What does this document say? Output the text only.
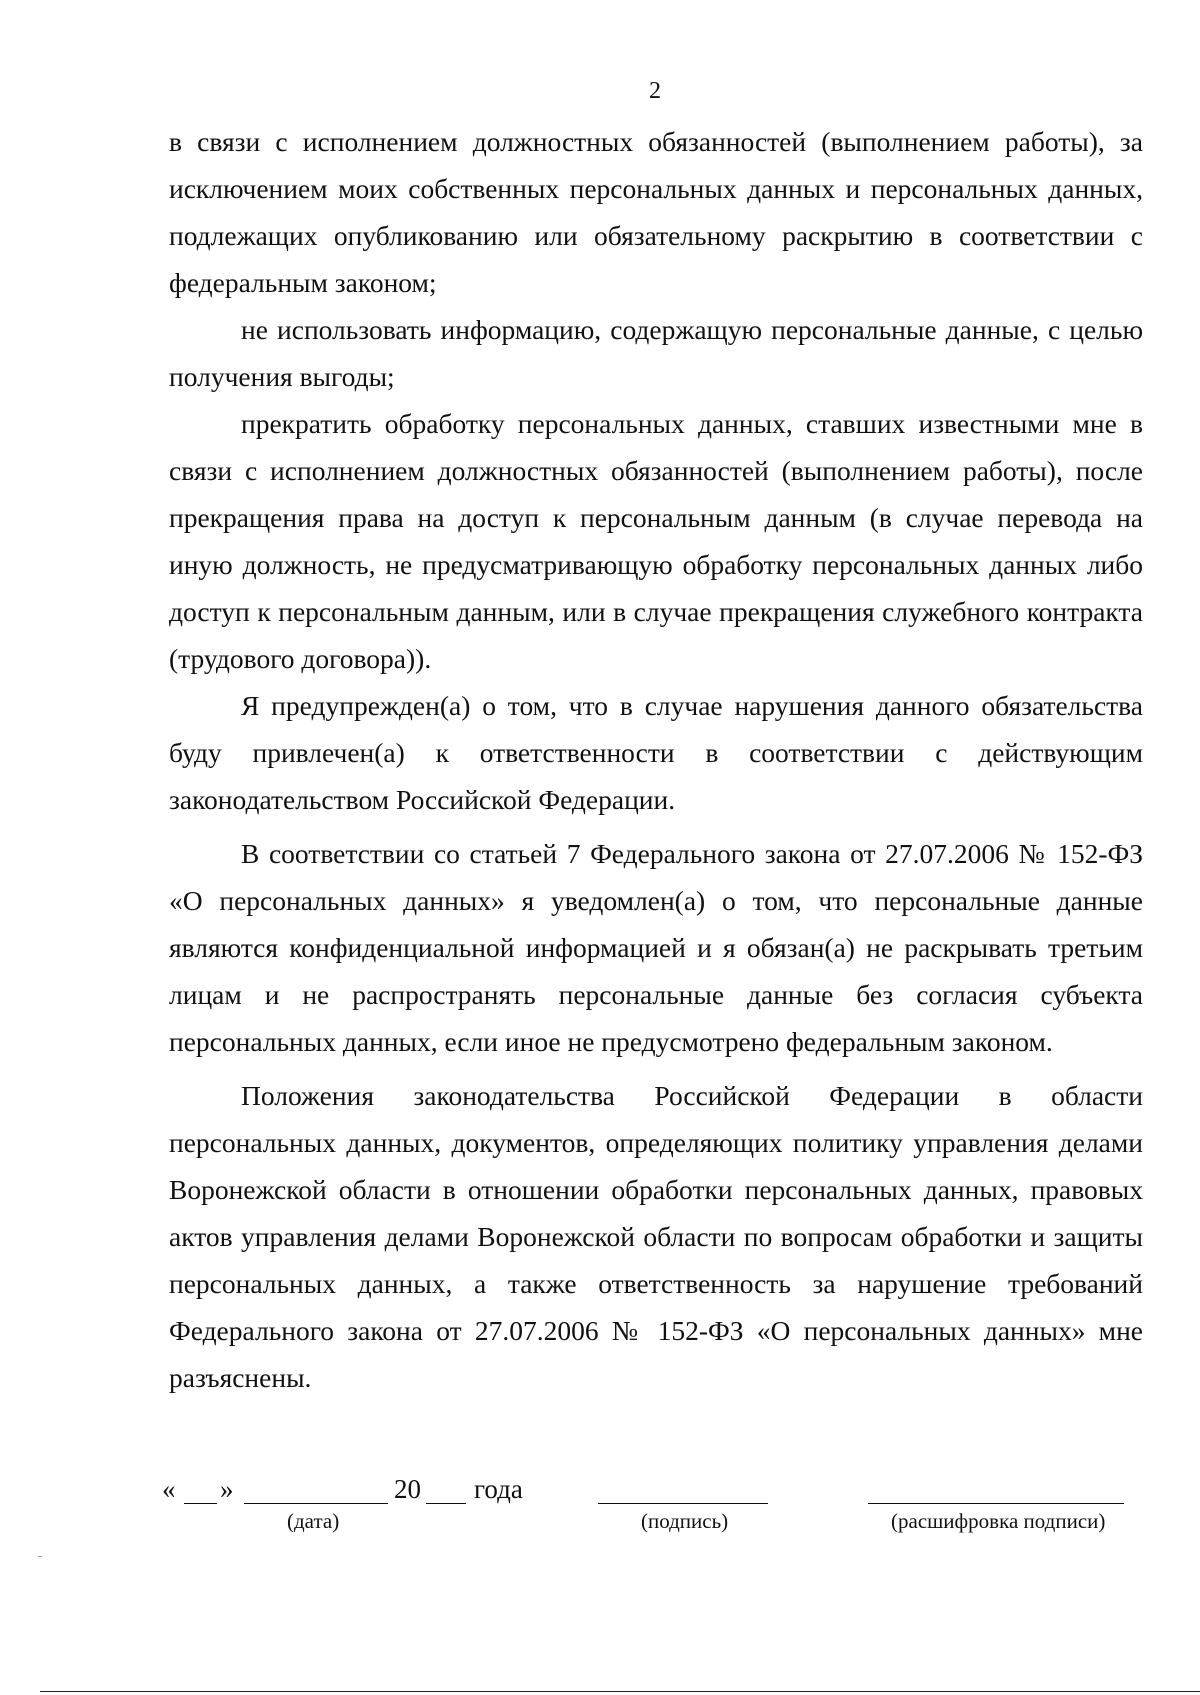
2

в связи с исполнением должностных обязанностей (выполнением работы), за исключением моих собственных персональных данных и персональных данных, подлежащих опубликованию или обязательному раскрытию в соответствии с федеральным законом;

не использовать информацию, содержащую персональные данные, с целью получения выгоды;

прекратить обработку персональных данных, ставших известными мне в связи с исполнением должностных обязанностей (выполнением работы), после прекращения права на доступ к персональным данным (в случае перевода на иную должность, не предусматривающую обработку персональных данных либо доступ к персональным данным, или в случае прекращения служебного контракта (трудового договора)).

Я предупрежден(а) о том, что в случае нарушения данного обязательства буду привлечен(а) к ответственности в соответствии с действующим законодательством Российской Федерации.

В соответствии со статьей 7 Федерального закона от 27.07.2006 № 152-ФЗ «О персональных данных» я уведомлен(а) о том, что персональные данные являются конфиденциальной информацией и я обязан(а) не раскрывать третьим лицам и не распространять персональные данные без согласия субъекта персональных данных, если иное не предусмотрено федеральным законом.

Положения законодательства Российской Федерации в области персональных данных, документов, определяющих политику управления делами Воронежской области в отношении обработки персональных данных, правовых актов управления делами Воронежской области по вопросам обработки и защиты персональных данных, а также ответственность за нарушение требований Федерального закона от 27.07.2006 № 152-ФЗ «О персональных данных» мне разъяснены.

« »	20 года
(дата)	(подпись)	(расшифровка подписи)
